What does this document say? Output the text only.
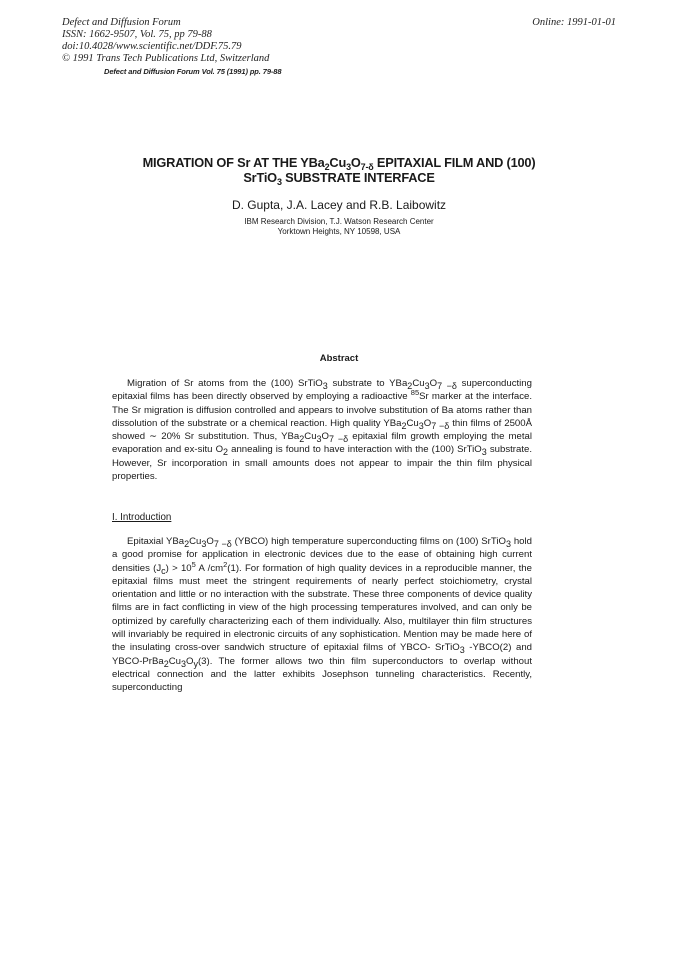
Defect and Diffusion Forum
ISSN: 1662-9507, Vol. 75, pp 79-88
doi:10.4028/www.scientific.net/DDF.75.79
© 1991 Trans Tech Publications Ltd, Switzerland
Online: 1991-01-01
Defect and Diffusion Forum Vol. 75 (1991) pp. 79-88
MIGRATION OF Sr AT THE $YBa_2Cu_3O_{7-\delta}$ EPITAXIAL FILM AND (100)
SrTiO$_3$ SUBSTRATE INTERFACE
D. Gupta, J.A. Lacey and R.B. Laibowitz
IBM Research Division, T.J. Watson Research Center
Yorktown Heights, NY 10598, USA
Abstract

Migration of Sr atoms from the (100) SrTiO$_3$ substrate to $YBa_2Cu_3O_{7 -\delta}$ superconducting epitaxial films has been directly observed by employing a radioactive $^{85}$Sr marker at the interface. The Sr migration is diffusion controlled and appears to involve substitution of Ba atoms rather than dissolution of the substrate or a chemical reaction. High quality $YBa_2Cu_3O_{7 -\delta}$ thin films of 2500Å showed ∼ 20% Sr substitution. Thus, $YBa_2Cu_3O_{7 -\delta}$ epitaxial film growth employing the metal evaporation and ex-situ $O_2$ annealing is found to have interaction with the (100) SrTiO$_3$ substrate. However, Sr incorporation in small amounts does not appear to impair the thin film physical properties.

I. Introduction

Epitaxial $YBa_2Cu_3O_{7 -\delta}$ (YBCO) high temperature superconducting films on (100) SrTiO$_3$ hold a good promise for application in electronic devices due to the ease of obtaining high current densities $(J_c) > 10^5$ A $/cm^2(1)$. For formation of high quality devices in a reproducible manner, the epitaxial films must meet the stringent requirements of nearly perfect stoichiometry, crystal orientation and little or no interaction with the substrate. These three components of device quality films are in fact conflicting in view of the high processing temperatures involved, and can only be optimized by carefully characterizing each of them individually. Also, multilayer thin film structures will invariably be required in electronic circuits of any sophistication. Mention may be made here of the insulating cross-over sandwich structure of epitaxial films of YBCO- SrTiO$_3$ -YBCO(2) and YBCO-$PrBa_2Cu_3O_y(3)$. The former allows two thin film superconductors to overlap without electrical connection and the latter exhibits Josephson tunneling characteristics. Recently, superconducting
